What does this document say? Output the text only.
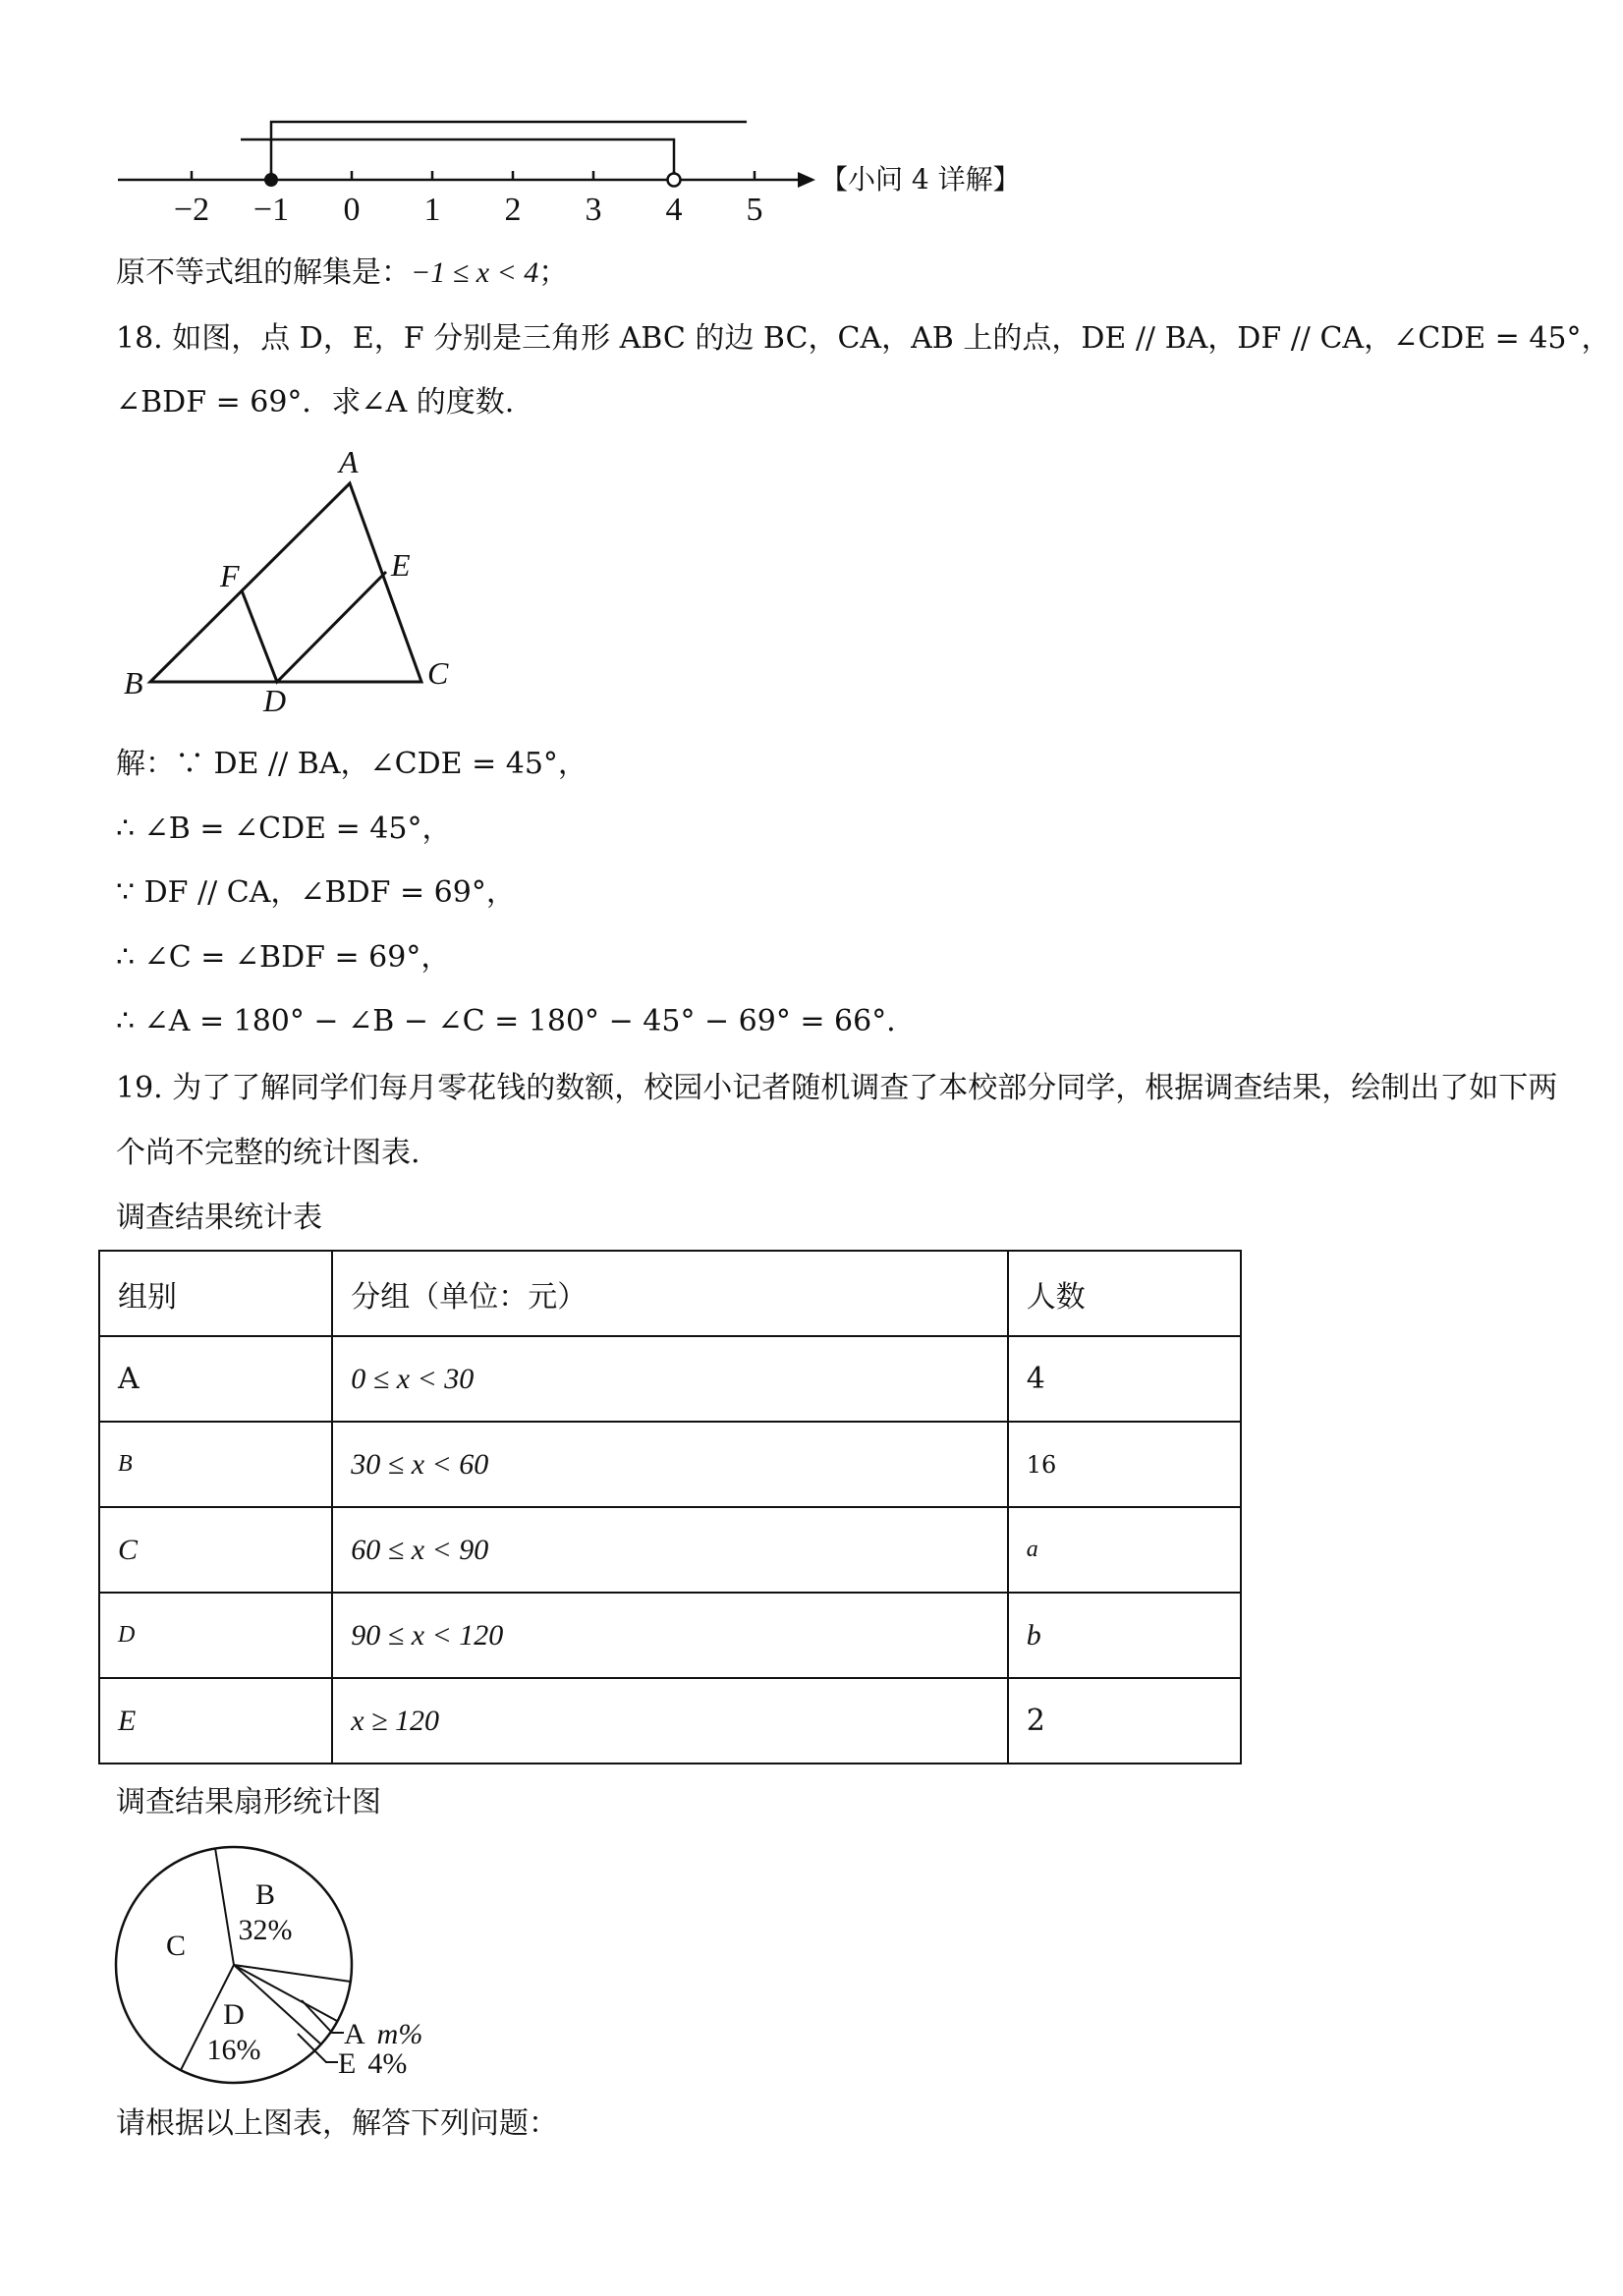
−2 −1 0 1 2 3 4 5
【小问 4 详解】
原不等式组的解集是：−1 ≤ x < 4；
18. 如图，点 D，E，F 分别是三角形 ABC 的边 BC，CA，AB 上的点，DE // BA，DF // CA，∠CDE = 45°，
∠BDF = 69°．求∠A 的度数.
A
B	C
D
E
F
解：∵ DE // BA，∠CDE = 45°，
∴ ∠B = ∠CDE = 45°，
∵ DF // CA，∠BDF = 69°，
∴ ∠C = ∠BDF = 69°，
∴ ∠A = 180° − ∠B − ∠C = 180° − 45° − 69° = 66°．
19. 为了了解同学们每月零花钱的数额，校园小记者随机调查了本校部分同学，根据调查结果，绘制出了如下两
个尚不完整的统计图表.
调查结果统计表
组别	分组（单位：元）	人数
A	0 ≤ x < 30	4
B	30 ≤ x < 60	16
C	60 ≤ x < 90	a
D	90 ≤ x < 120	b
E	x ≥ 120	2
调查结果扇形统计图
B
32%
C
D
16%	A m%
E 4%
请根据以上图表，解答下列问题：
